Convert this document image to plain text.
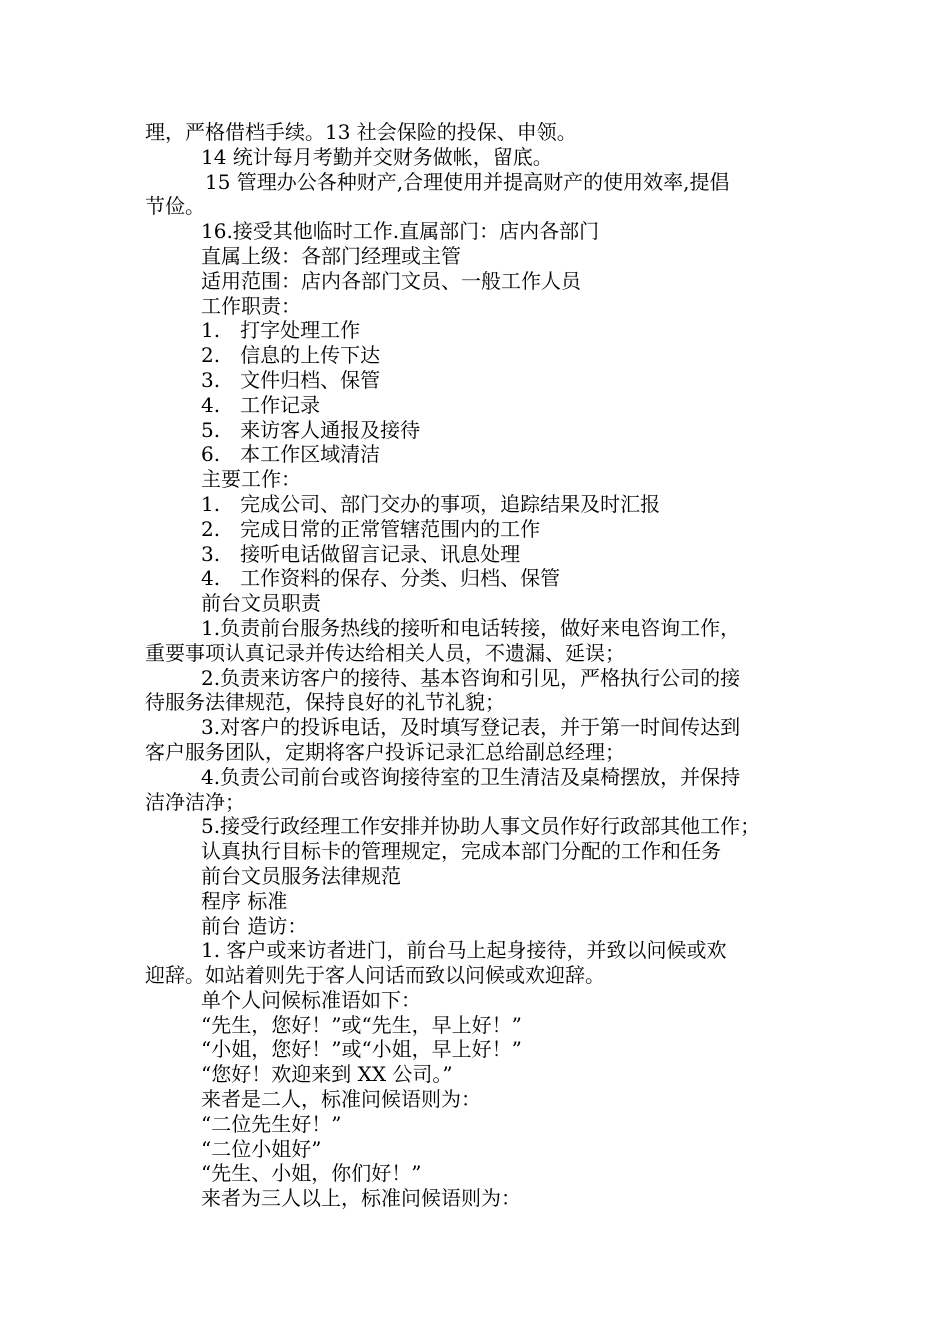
理，严格借档手续。13 社会保险的投保、申领。
14 统计每月考勤并交财务做帐，留底。
15 管理办公各种财产,合理使用并提高财产的使用效率,提倡
节俭。
16.接受其他临时工作.直属部门：店内各部门
直属上级：各部门经理或主管
适用范围：店内各部门文员、一般工作人员
工作职责：
1.　打字处理工作
2.　信息的上传下达
3.　文件归档、保管
4.　工作记录
5.　来访客人通报及接待
6.　本工作区域清洁
主要工作：
1.　完成公司、部门交办的事项，追踪结果及时汇报
2.　完成日常的正常管辖范围内的工作
3.　接听电话做留言记录、讯息处理
4.　工作资料的保存、分类、归档、保管
前台文员职责
1.负责前台服务热线的接听和电话转接，做好来电咨询工作，
重要事项认真记录并传达给相关人员，不遗漏、延误；
2.负责来访客户的接待、基本咨询和引见，严格执行公司的接
待服务法律规范，保持良好的礼节礼貌；
3.对客户的投诉电话，及时填写登记表，并于第一时间传达到
客户服务团队，定期将客户投诉记录汇总给副总经理；
4.负责公司前台或咨询接待室的卫生清洁及桌椅摆放，并保持
洁净洁净；
5.接受行政经理工作安排并协助人事文员作好行政部其他工作；
认真执行目标卡的管理规定，完成本部门分配的工作和任务
前台文员服务法律规范
程序 标准
前台 造访：
1. 客户或来访者进门，前台马上起身接待，并致以问候或欢
迎辞。如站着则先于客人问话而致以问候或欢迎辞。
单个人问候标准语如下：
“先生，您好！”或“先生，早上好！”
“小姐，您好！”或“小姐，早上好！”
“您好！欢迎来到 XX 公司。”
来者是二人，标准问候语则为：
“二位先生好！”
“二位小姐好”
“先生、小姐，你们好！”
来者为三人以上，标准问候语则为：
